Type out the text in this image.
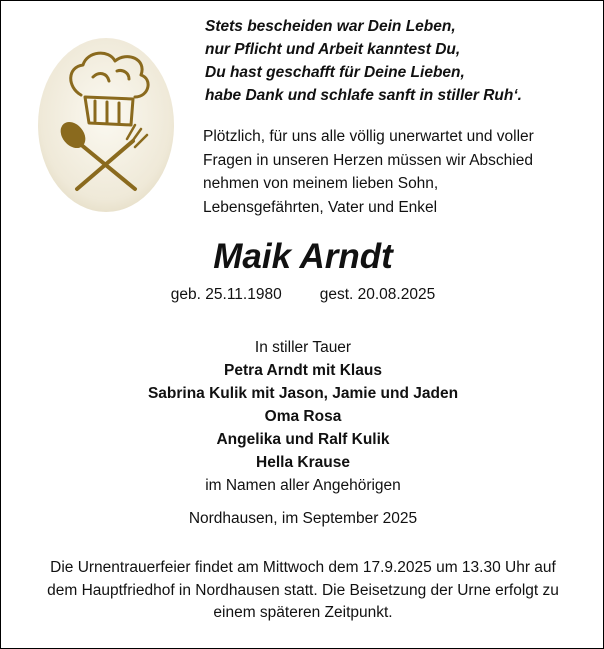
Stets bescheiden war Dein Leben,
nur Pflicht und Arbeit kanntest Du,
Du hast geschafft für Deine Lieben,
habe Dank und schlafe sanft in stiller Ruh‘.
Plötzlich, für uns alle völlig unerwartet und voller
Fragen in unseren Herzen müssen wir Abschied
nehmen von meinem lieben Sohn,
Lebensgefährten, Vater und Enkel
Maik Arndt
geb. 25.11.1980 gest. 20.08.2025
In stiller Tauer
Petra Arndt mit Klaus
Sabrina Kulik mit Jason, Jamie und Jaden
Oma Rosa
Angelika und Ralf Kulik
Hella Krause
im Namen aller Angehörigen
Nordhausen, im September 2025
Die Urnentrauerfeier findet am Mittwoch dem 17.9.2025 um 13.30 Uhr auf
dem Hauptfriedhof in Nordhausen statt. Die Beisetzung der Urne erfolgt zu
einem späteren Zeitpunkt.
